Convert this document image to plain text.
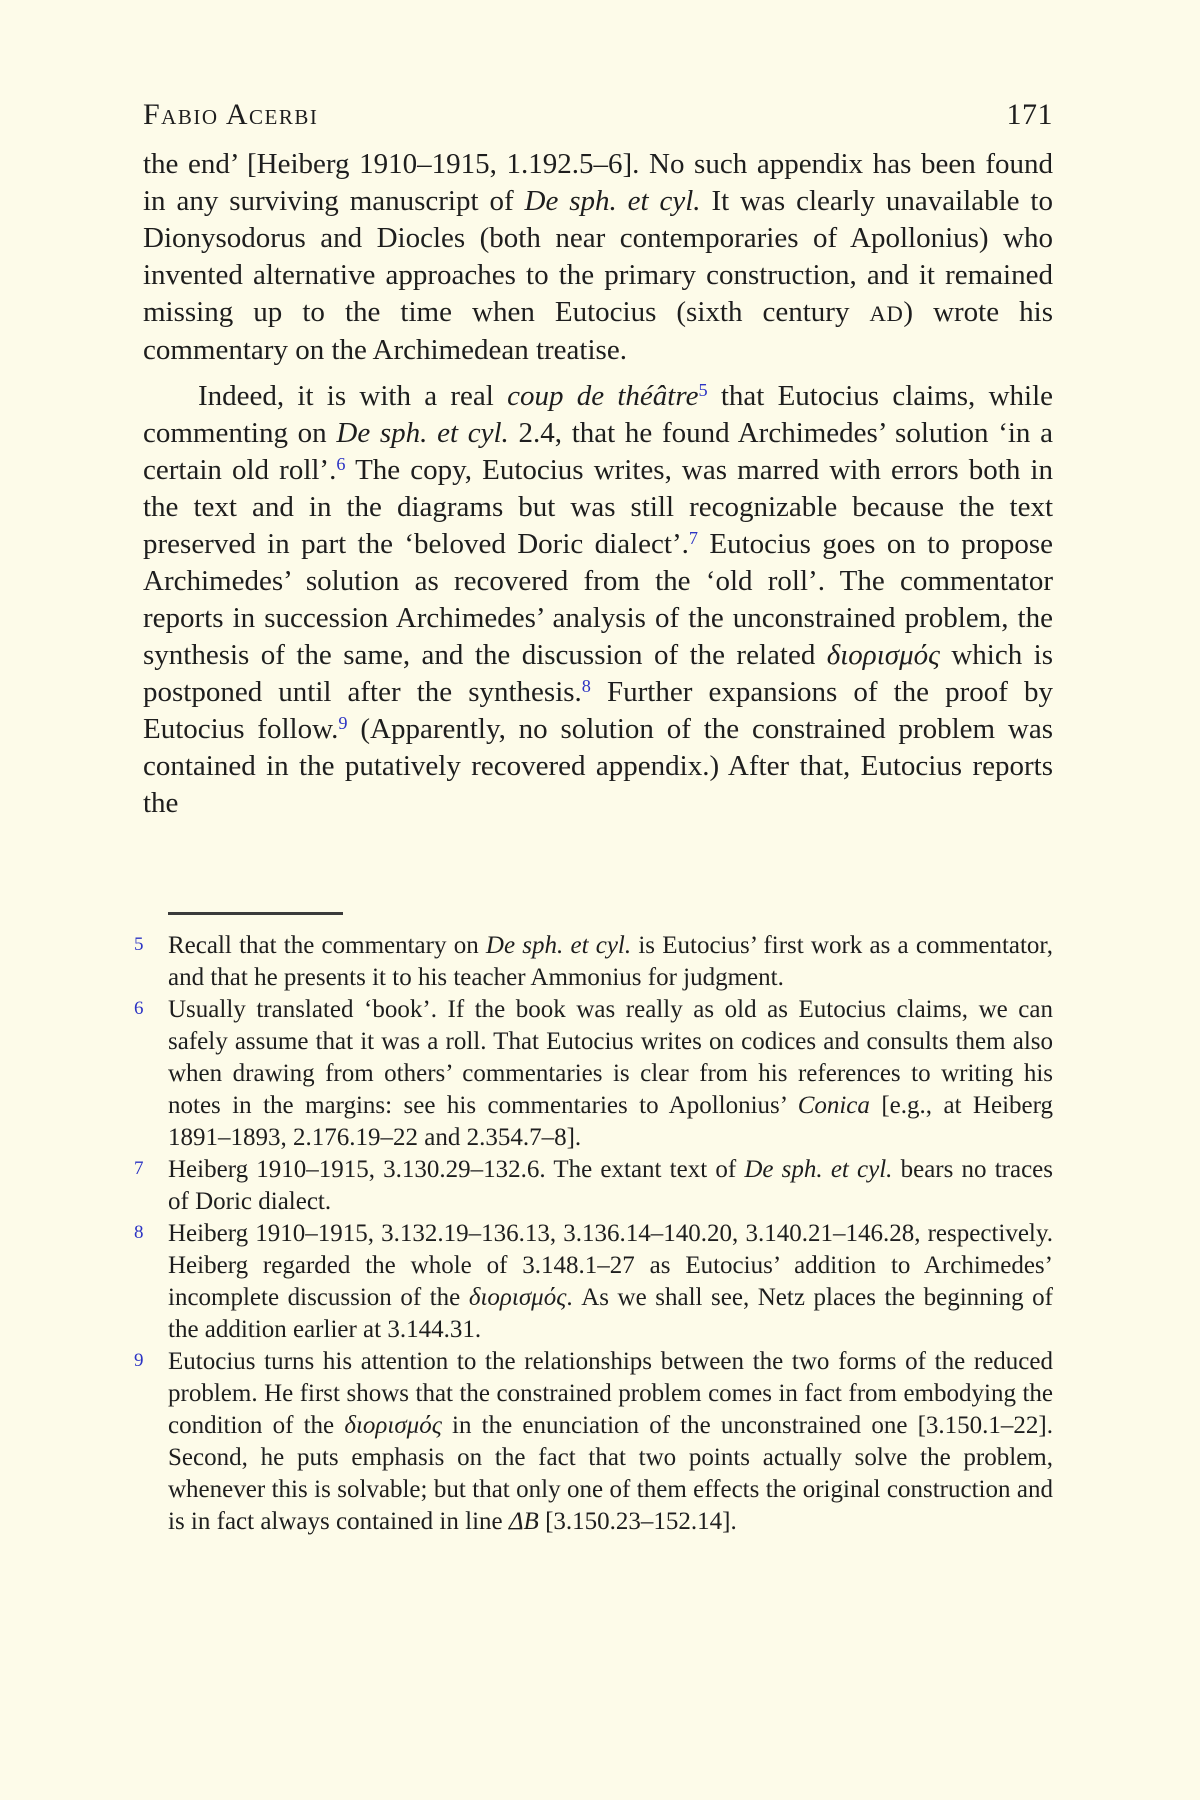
Fabio Acerbi	171

the end’ [Heiberg 1910–1915, 1.192.5–6]. No such appendix has been found in any surviving manuscript of De sph. et cyl. It was clearly unavailable to Dionysodorus and Diocles (both near contemporaries of Apollonius) who invented alternative approaches to the primary construction, and it remained missing up to the time when Eutocius (sixth century AD) wrote his commentary on the Archimedean treatise.

Indeed, it is with a real coup de théâtre$^5$ that Eutocius claims, while commenting on De sph. et cyl. 2.4, that he found Archimedes’ solution ‘in a certain old roll’.$^6$ The copy, Eutocius writes, was marred with errors both in the text and in the diagrams but was still recognizable because the text preserved in part the ‘beloved Doric dialect’.$^7$ Eutocius goes on to propose Archimedes’ solution as recovered from the ‘old roll’. The commentator reports in succession Archimedes’ analysis of the unconstrained problem, the synthesis of the same, and the discussion of the related διορισμός which is postponed until after the synthesis.$^8$ Further expansions of the proof by Eutocius follow.$^9$ (Apparently, no solution of the constrained problem was contained in the putatively recovered appendix.) After that, Eutocius reports the

5 Recall that the commentary on De sph. et cyl. is Eutocius’ first work as a commentator, and that he presents it to his teacher Ammonius for judgment.
6 Usually translated ‘book’. If the book was really as old as Eutocius claims, we can safely assume that it was a roll. That Eutocius writes on codices and consults them also when drawing from others’ commentaries is clear from his references to writing his notes in the margins: see his commentaries to Apollonius’ Conica [e.g., at Heiberg 1891–1893, 2.176.19–22 and 2.354.7–8].
7 Heiberg 1910–1915, 3.130.29–132.6. The extant text of De sph. et cyl. bears no traces of Doric dialect.
8 Heiberg 1910–1915, 3.132.19–136.13, 3.136.14–140.20, 3.140.21–146.28, respectively. Heiberg regarded the whole of 3.148.1–27 as Eutocius’ addition to Archimedes’ incomplete discussion of the διορισμός. As we shall see, Netz places the beginning of the addition earlier at 3.144.31.
9 Eutocius turns his attention to the relationships between the two forms of the reduced problem. He first shows that the constrained problem comes in fact from embodying the condition of the διορισμός in the enunciation of the unconstrained one [3.150.1–22]. Second, he puts emphasis on the fact that two points actually solve the problem, whenever this is solvable; but that only one of them effects the original construction and is in fact always contained in line ΔB [3.150.23–152.14].
